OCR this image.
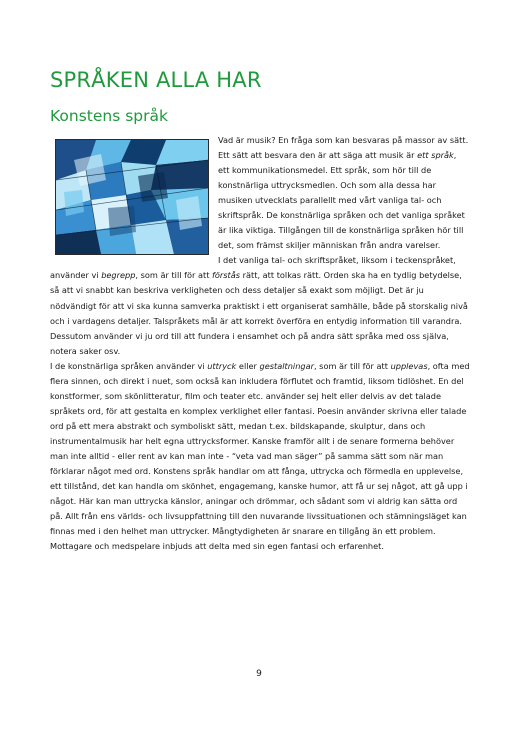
SPRÅKEN ALLA HAR
Konstens språk

Vad är musik? En fråga som kan besvaras på massor av sätt. Ett sätt att besvara den är att säga att musik är ett språk, ett kommunikationsmedel. Ett språk, som hör till de konstnärliga uttrycksmedlen. Och som alla dessa har musiken utvecklats parallellt med vårt vanliga tal- och skriftspråk. De konstnärliga språken och det vanliga språket är lika viktiga. Tillgången till de konstnärliga språken hör till det, som främst skiljer människan från andra varelser.

I det vanliga tal- och skriftspråket, liksom i teckenspråket, använder vi begrepp, som är till för att förstås rätt, att tolkas rätt. Orden ska ha en tydlig betydelse, så att vi snabbt kan beskriva verkligheten och dess detaljer så exakt som möjligt. Det är ju nödvändigt för att vi ska kunna samverka praktiskt i ett organiserat samhälle, både på storskalig nivå och i vardagens detaljer. Talspråkets mål är att korrekt överföra en entydig information till varandra. Dessutom använder vi ju ord till att fundera i ensamhet och på andra sätt språka med oss själva, notera saker osv.

I de konstnärliga språken använder vi uttryck eller gestaltningar, som är till för att upplevas, ofta med flera sinnen, och direkt i nuet, som också kan inkludera förflutet och framtid, liksom tidlöshet. En del konstformer, som skönlitteratur, film och teater etc. använder sej helt eller delvis av det talade språkets ord, för att gestalta en komplex verklighet eller fantasi. Poesin använder skrivna eller talade ord på ett mera abstrakt och symboliskt sätt, medan t.ex. bildskapande, skulptur, dans och instrumentalmusik har helt egna uttrycksformer. Kanske framför allt i de senare formerna behöver man inte alltid - eller rent av kan man inte - “veta vad man säger” på samma sätt som när man förklarar något med ord. Konstens språk handlar om att fånga, uttrycka och förmedla en upplevelse, ett tillstånd, det kan handla om skönhet, engagemang, kanske humor, att få ur sej något, att gå upp i något. Här kan man uttrycka känslor, aningar och drömmar, och sådant som vi aldrig kan sätta ord på. Allt från ens världs- och livsuppfattning till den nuvarande livssituationen och stämningsläget kan finnas med i den helhet man uttrycker. Mångtydigheten är snarare en tillgång än ett problem. Mottagare och medspelare inbjuds att delta med sin egen fantasi och erfarenhet.

9
